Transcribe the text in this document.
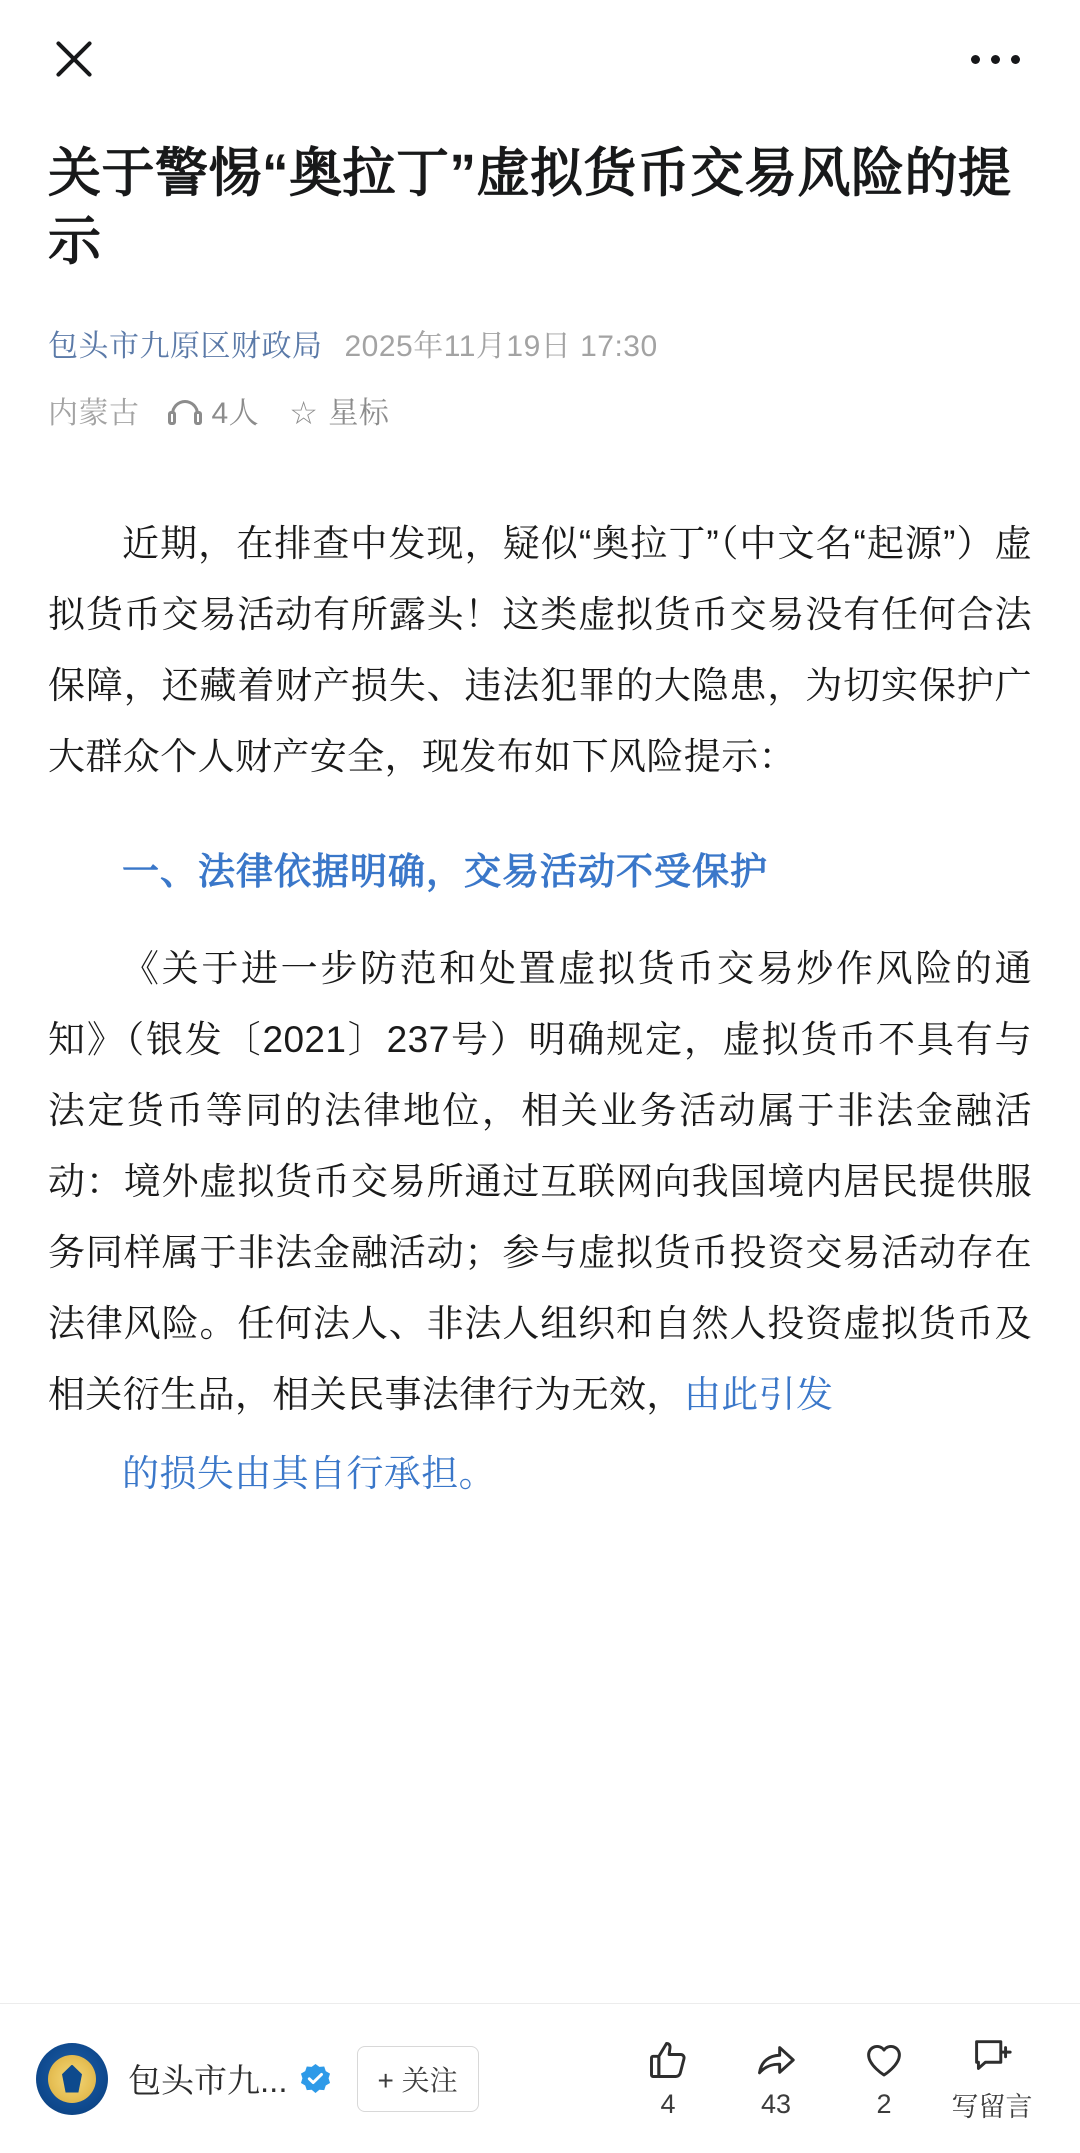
关于警惕“奥拉丁”虚拟货币交易风险的提示
包头市九原区财政局 2025年11月19日 17:30
内蒙古 4人 ☆ 星标

近期，在排查中发现，疑似“奥拉丁”（中文名“起源”）虚拟货币交易活动有所露头！这类虚拟货币交易没有任何合法保障，还藏着财产损失、违法犯罪的大隐患，为切实保护广大群众个人财产安全，现发布如下风险提示：

一、法律依据明确，交易活动不受保护

《关于进一步防范和处置虚拟货币交易炒作风险的通知》（银发〔2021〕237号）明确规定，虚拟货币不具有与法定货币等同的法律地位，相关业务活动属于非法金融活动：境外虚拟货币交易所通过互联网向我国境内居民提供服务同样属于非法金融活动；参与虚拟货币投资交易活动存在法律风险。任何法人、非法人组织和自然人投资虚拟货币及相关衍生品，相关民事法律行为无效，由此引发

的损失由其自行承担。

包头市九...	+ 关注
4	43	2 写留言
